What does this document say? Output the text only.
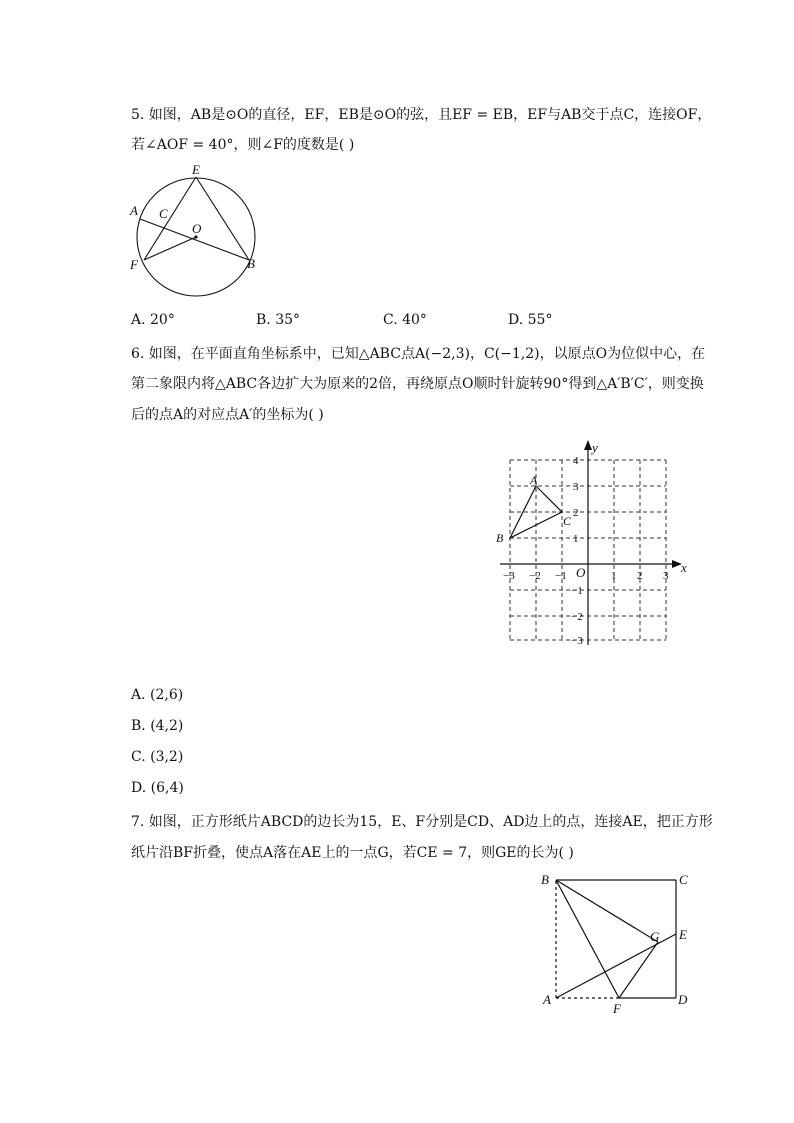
5. 如图，AB是⊙O的直径，EF，EB是⊙O的弦，且EF = EB，EF与AB交于点C，连接OF，
若∠AOF = 40°，则∠F的度数是( )
E
A C
O
F	B
A. 20°	B. 35°	C. 40°	D. 55°
6. 如图，在平面直角坐标系中，已知△ABC点A(−2,3)，C(−1,2)，以原点O为位似中心，在
第二象限内将△ABC各边扩大为原来的2倍，再绕原点O顺时针旋转90°得到△A′B′C′，则变换
后的点A的对应点A′的坐标为( )
x
y
O
−3 −2 −1	1 2 3
4
3
2
1
−1
−2
−3
A
B
C
A. (2,6)
B. (4,2)
C. (3,2)
D. (6,4)
7. 如图，正方形纸片ABCD的边长为15，E、F分别是CD、AD边上的点，连接AE，把正方形
纸片沿BF折叠，使点A落在AE上的一点G，若CE = 7，则GE的长为( )
B	C
G E
A
F
D
